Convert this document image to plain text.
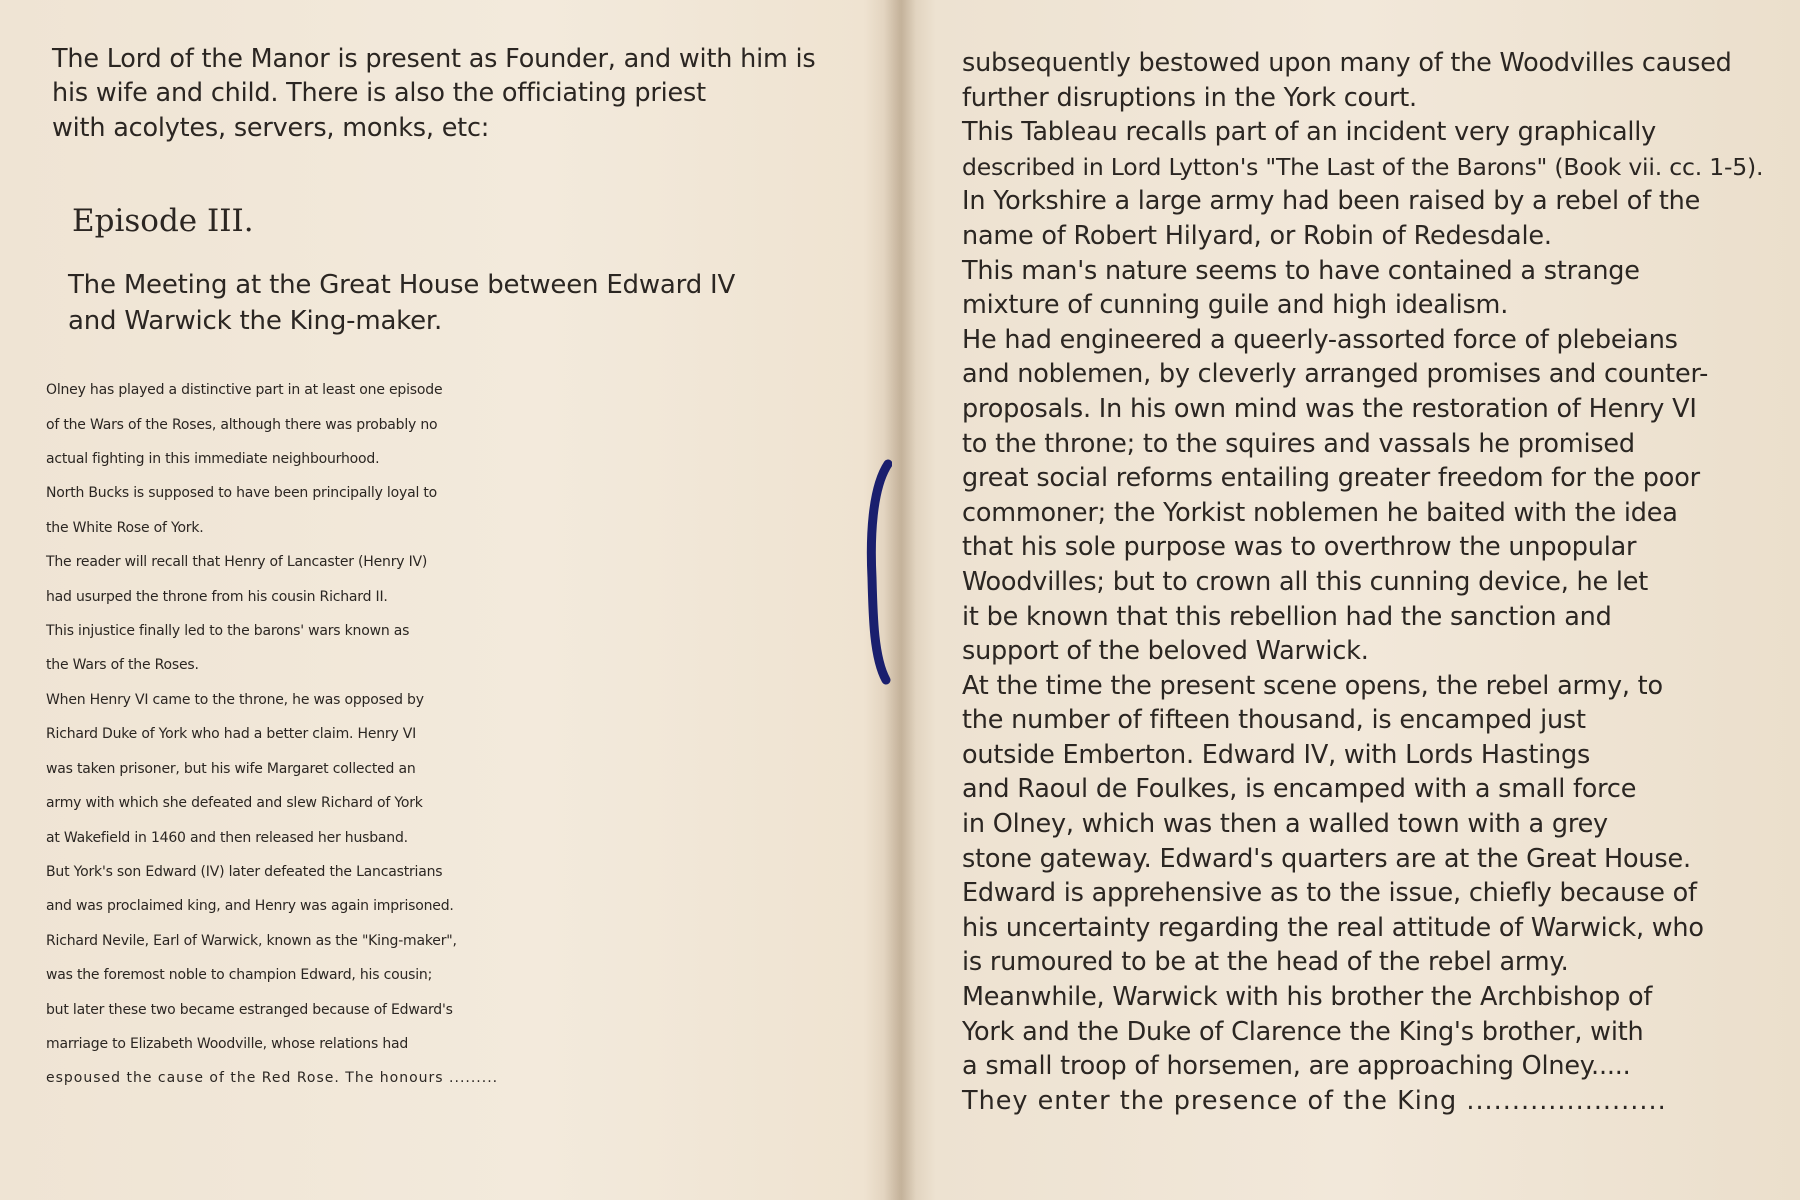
The Lord of the Manor is present as Founder, and with him is
his wife and child. There is also the officiating priest
with acolytes, servers, monks, etc:
Episode III.
The Meeting at the Great House between Edward IV
and Warwick the King-maker.
Olney has played a distinctive part in at least one episode
of the Wars of the Roses, although there was probably no
actual fighting in this immediate neighbourhood.
North Bucks is supposed to have been principally loyal to
the White Rose of York.
The reader will recall that Henry of Lancaster (Henry IV)
had usurped the throne from his cousin Richard II.
This injustice finally led to the barons' wars known as
the Wars of the Roses.
When Henry VI came to the throne, he was opposed by
Richard Duke of York who had a better claim. Henry VI
was taken prisoner, but his wife Margaret collected an
army with which she defeated and slew Richard of York
at Wakefield in 1460 and then released her husband.
But York's son Edward (IV) later defeated the Lancastrians
and was proclaimed king, and Henry was again imprisoned.
Richard Nevile, Earl of Warwick, known as the "King-maker",
was the foremost noble to champion Edward, his cousin;
but later these two became estranged because of Edward's
marriage to Elizabeth Woodville, whose relations had
espoused the cause of the Red Rose. The honours .........
subsequently bestowed upon many of the Woodvilles caused
further disruptions in the York court.
This Tableau recalls part of an incident very graphically
described in Lord Lytton's "The Last of the Barons" (Book vii. cc. 1-5).
In Yorkshire a large army had been raised by a rebel of the
name of Robert Hilyard, or Robin of Redesdale.
This man's nature seems to have contained a strange
mixture of cunning guile and high idealism.
He had engineered a queerly-assorted force of plebeians
and noblemen, by cleverly arranged promises and counter-
proposals. In his own mind was the restoration of Henry VI
to the throne; to the squires and vassals he promised
great social reforms entailing greater freedom for the poor
commoner; the Yorkist noblemen he baited with the idea
that his sole purpose was to overthrow the unpopular
Woodvilles; but to crown all this cunning device, he let
it be known that this rebellion had the sanction and
support of the beloved Warwick.
At the time the present scene opens, the rebel army, to
the number of fifteen thousand, is encamped just
outside Emberton. Edward IV, with Lords Hastings
and Raoul de Foulkes, is encamped with a small force
in Olney, which was then a walled town with a grey
stone gateway. Edward's quarters are at the Great House.
Edward is apprehensive as to the issue, chiefly because of
his uncertainty regarding the real attitude of Warwick, who
is rumoured to be at the head of the rebel army.
Meanwhile, Warwick with his brother the Archbishop of
York and the Duke of Clarence the King's brother, with
a small troop of horsemen, are approaching Olney.....
They enter the presence of the King ......................
